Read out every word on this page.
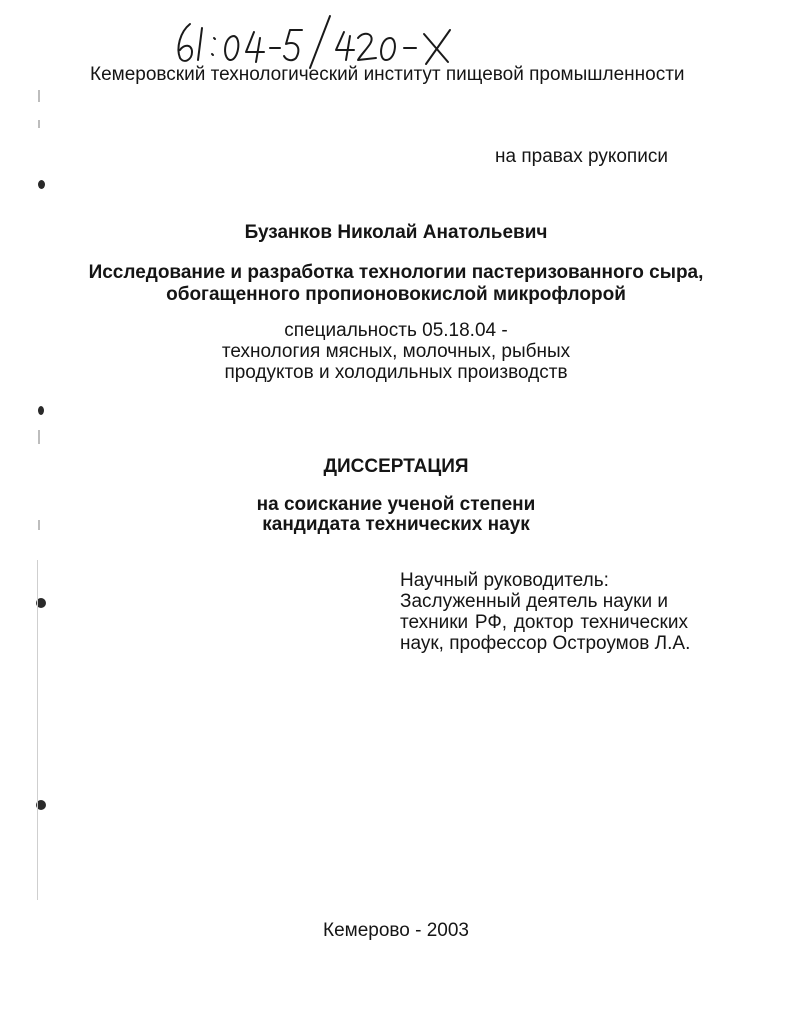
Кемеровский технологический институт пищевой промышленности
на правах рукописи
Бузанков Николай Анатольевич
Исследование и разработка технологии пастеризованного сыра,
обогащенного пропионовокислой микрофлорой
специальность 05.18.04 -
технология мясных, молочных, рыбных
продуктов и холодильных производств
ДИССЕРТАЦИЯ
на соискание ученой степени
кандидата технических наук
Научный руководитель:
Заслуженный деятель науки и
техники РФ, доктор технических
наук, профессор Остроумов Л.А.
Кемерово - 2003
